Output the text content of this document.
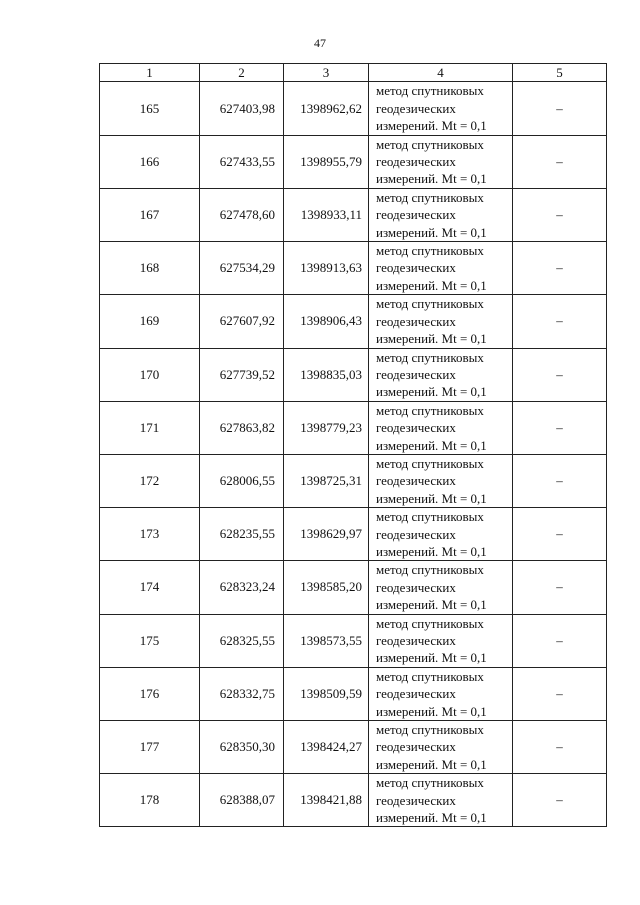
47
1	2	3	4	5
165	627403,98	1398962,62	метод спутниковых
геодезических
измерений. Mt = 0,1	–
166	627433,55	1398955,79	метод спутниковых
геодезических
измерений. Mt = 0,1	–
167	627478,60	1398933,11	метод спутниковых
геодезических
измерений. Mt = 0,1	–
168	627534,29	1398913,63	метод спутниковых
геодезических
измерений. Mt = 0,1	–
169	627607,92	1398906,43	метод спутниковых
геодезических
измерений. Mt = 0,1	–
170	627739,52	1398835,03	метод спутниковых
геодезических
измерений. Mt = 0,1	–
171	627863,82	1398779,23	метод спутниковых
геодезических
измерений. Mt = 0,1	–
172	628006,55	1398725,31	метод спутниковых
геодезических
измерений. Mt = 0,1	–
173	628235,55	1398629,97	метод спутниковых
геодезических
измерений. Mt = 0,1	–
174	628323,24	1398585,20	метод спутниковых
геодезических
измерений. Mt = 0,1	–
175	628325,55	1398573,55	метод спутниковых
геодезических
измерений. Mt = 0,1	–
176	628332,75	1398509,59	метод спутниковых
геодезических
измерений. Mt = 0,1	–
177	628350,30	1398424,27	метод спутниковых
геодезических
измерений. Mt = 0,1	–
178	628388,07	1398421,88	метод спутниковых
геодезических
измерений. Mt = 0,1	–
